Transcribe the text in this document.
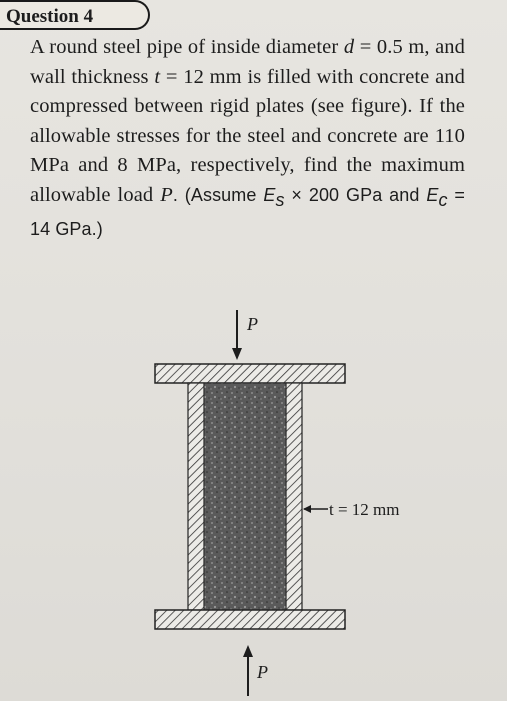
Question 4
A round steel pipe of inside diameter d = 0.5 m, and wall thickness t = 12 mm is filled with concrete and compressed between rigid plates (see figure). If the allowable stresses for the steel and concrete are 110 MPa and 8 MPa, respectively, find the maximum allowable load P. (Assume $E_s \times 200$ GPa and $E_c = 14$ GPa.)
P
t = 12 mm
P
